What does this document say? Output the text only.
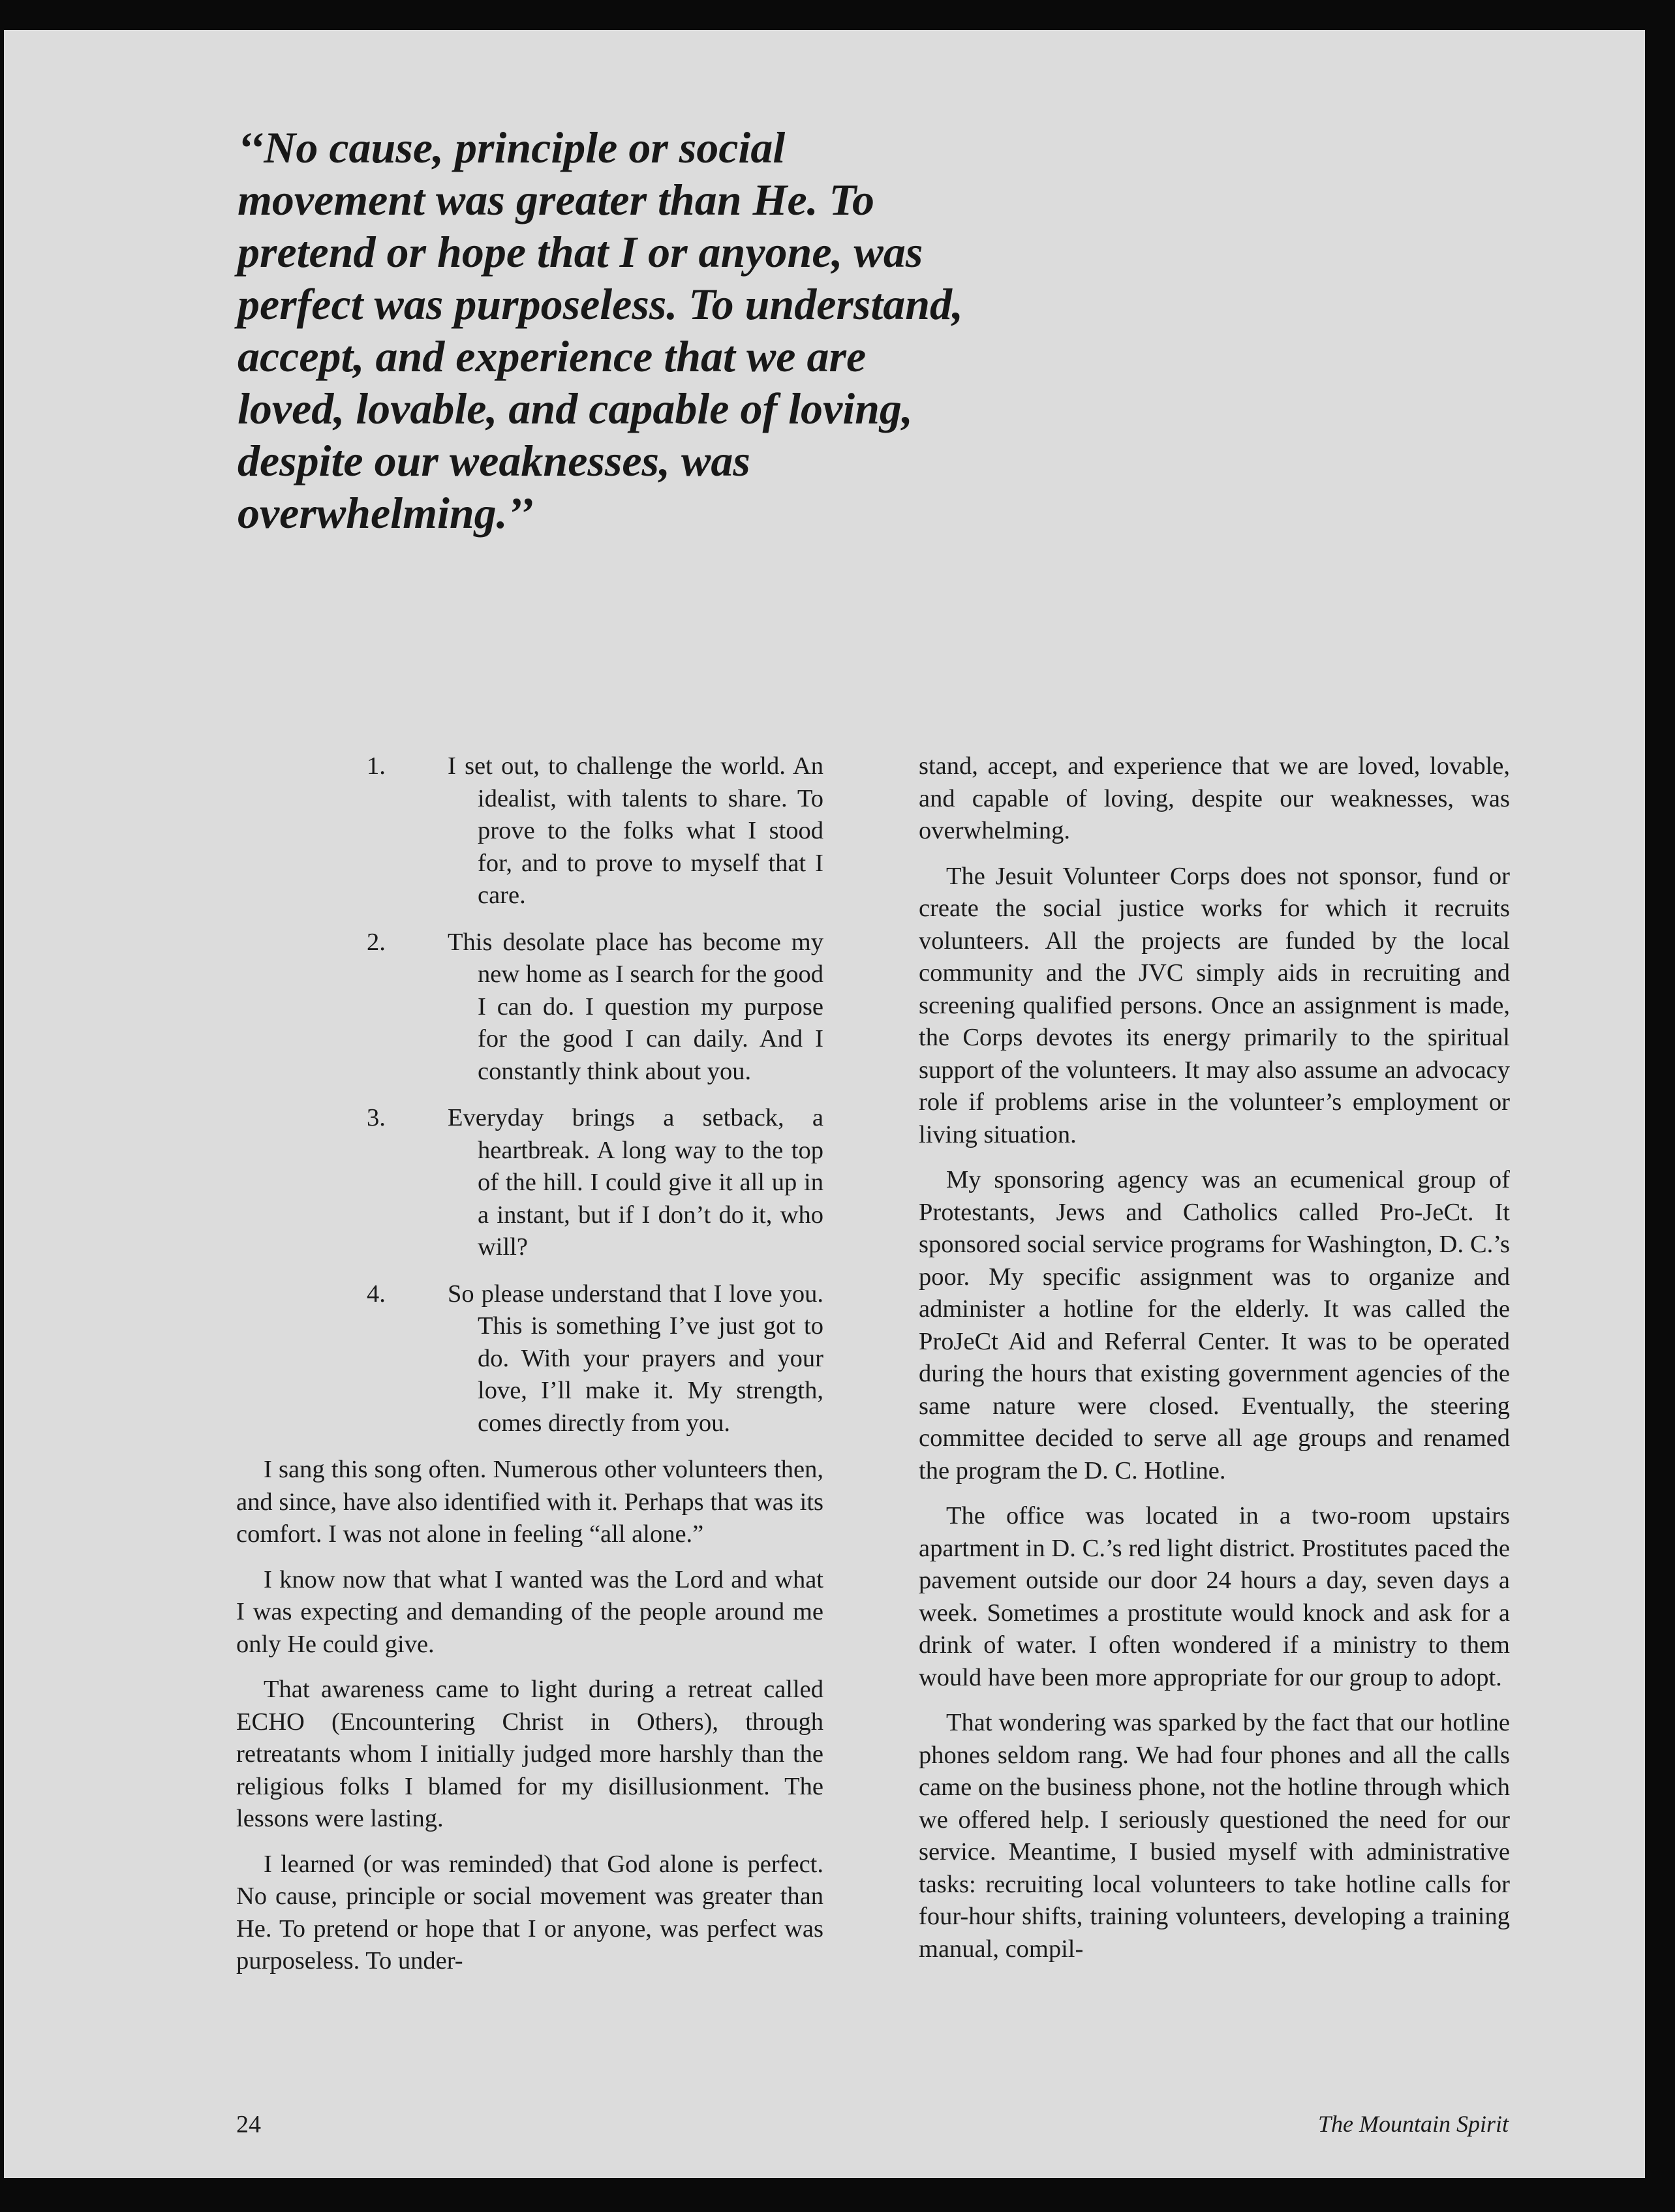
‘‘No cause, principle or social
movement was greater than He. To
pretend or hope that I or anyone, was
perfect was purposeless. To understand,
accept, and experience that we are
loved, lovable, and capable of loving,
despite our weaknesses, was
overwhelming.’’
1. I set out, to challenge the world. An idealist, with talents to share. To prove to the folks what I stood for, and to prove to myself that I care.
2. This desolate place has become my new home as I search for the good I can do. I question my purpose for the good I can daily. And I constantly think about you.
3. Everyday brings a setback, a heartbreak. A long way to the top of the hill. I could give it all up in a instant, but if I don’t do it, who will?
4. So please understand that I love you. This is something I’ve just got to do. With your prayers and your love, I’ll make it. My strength, comes directly from you.

I sang this song often. Numerous other volunteers then, and since, have also identified with it. Perhaps that was its comfort. I was not alone in feeling “all alone.”

I know now that what I wanted was the Lord and what I was expecting and demanding of the people around me only He could give.

That awareness came to light during a retreat called ECHO (Encountering Christ in Others), through retreatants whom I initially judged more harshly than the religious folks I blamed for my disillusionment. The lessons were lasting.

I learned (or was reminded) that God alone is perfect. No cause, principle or social movement was greater than He. To pretend or hope that I or anyone, was perfect was purposeless. To under-

stand, accept, and experience that we are loved, lovable, and capable of loving, despite our weaknesses, was overwhelming.

The Jesuit Volunteer Corps does not sponsor, fund or create the social justice works for which it recruits volunteers. All the projects are funded by the local community and the JVC simply aids in recruiting and screening qualified persons. Once an assignment is made, the Corps devotes its energy primarily to the spiritual support of the volunteers. It may also assume an advocacy role if problems arise in the volunteer’s employment or living situation.

My sponsoring agency was an ecumenical group of Protestants, Jews and Catholics called Pro-JeCt. It sponsored social service programs for Washington, D. C.’s poor. My specific assignment was to organize and administer a hotline for the elderly. It was called the ProJeCt Aid and Referral Center. It was to be operated during the hours that existing government agencies of the same nature were closed. Eventually, the steering committee decided to serve all age groups and renamed the program the D. C. Hotline.

The office was located in a two-room upstairs apartment in D. C.’s red light district. Prostitutes paced the pavement outside our door 24 hours a day, seven days a week. Sometimes a prostitute would knock and ask for a drink of water. I often wondered if a ministry to them would have been more appropriate for our group to adopt.

That wondering was sparked by the fact that our hotline phones seldom rang. We had four phones and all the calls came on the business phone, not the hotline through which we offered help. I seriously questioned the need for our service. Meantime, I busied myself with administrative tasks: recruiting local volunteers to take hotline calls for four-hour shifts, training volunteers, developing a training manual, compil-

24	The Mountain Spirit
